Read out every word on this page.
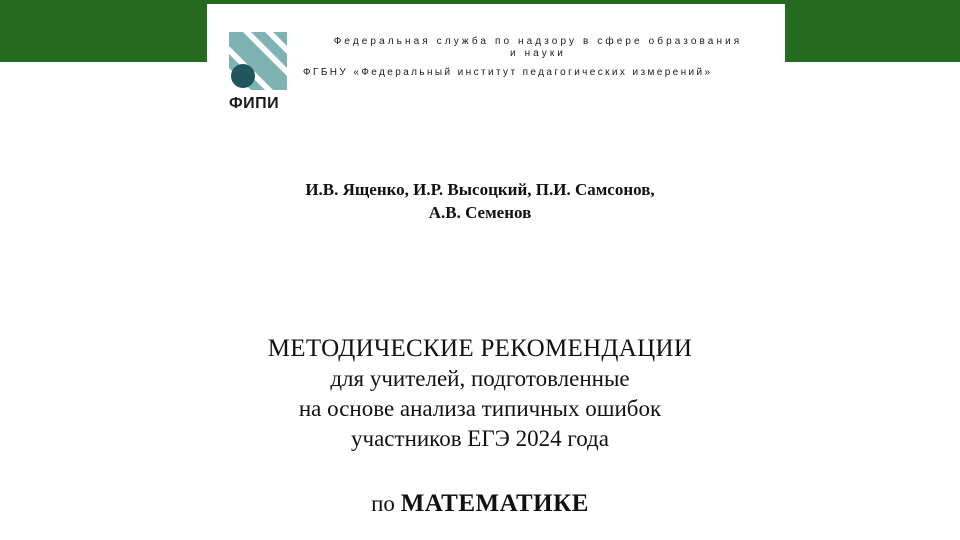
ФИПИ
Федеральная служба по надзору в сфере образования
и науки
ФГБНУ «Федеральный институт педагогических измерений»
И.В. Ященко, И.Р. Высоцкий, П.И. Самсонов,
А.В. Семенов
МЕТОДИЧЕСКИЕ РЕКОМЕНДАЦИИ
для учителей, подготовленные
на основе анализа типичных ошибок
участников ЕГЭ 2024 года
по МАТЕМАТИКЕ
